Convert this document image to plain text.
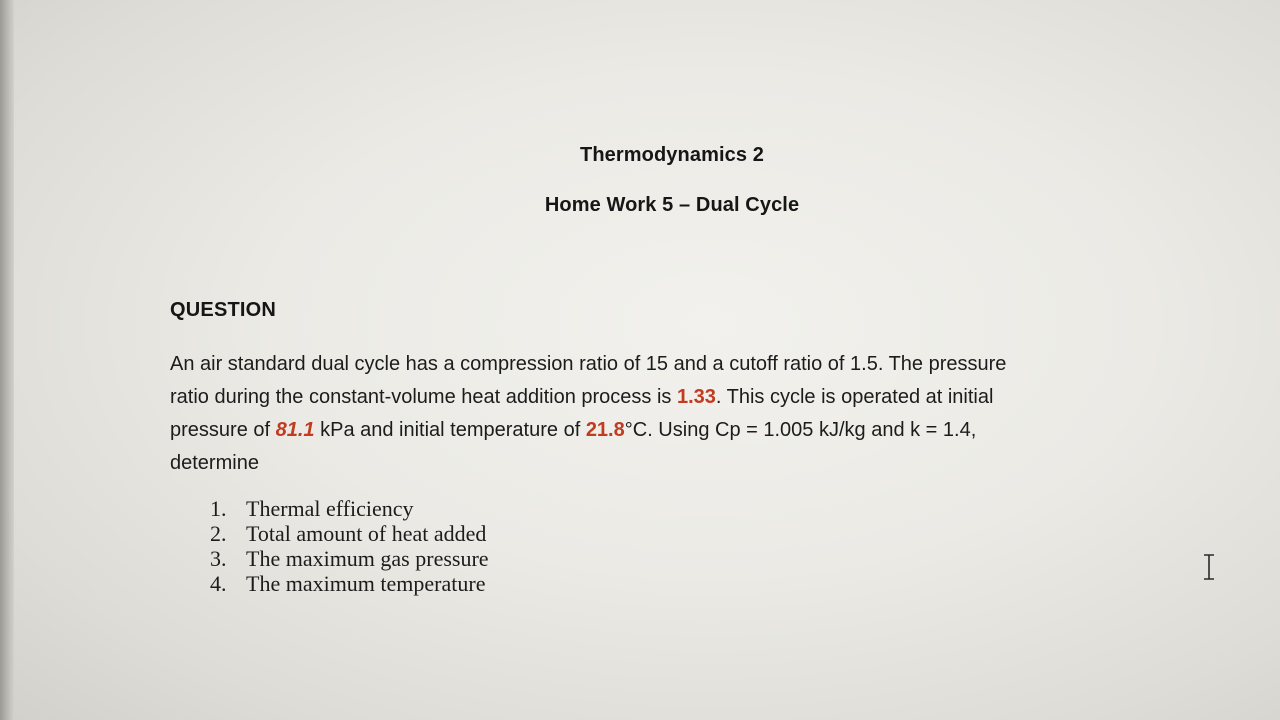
Thermodynamics 2
Home Work 5 – Dual Cycle
QUESTION
An air standard dual cycle has a compression ratio of 15 and a cutoff ratio of 1.5. The pressure
ratio during the constant-volume heat addition process is 1.33. This cycle is operated at initial
pressure of 81.1 kPa and initial temperature of 21.8°C. Using Cp = 1.005 kJ/kg and k = 1.4,
determine
1. Thermal efficiency
2. Total amount of heat added
3. The maximum gas pressure
4. The maximum temperature
